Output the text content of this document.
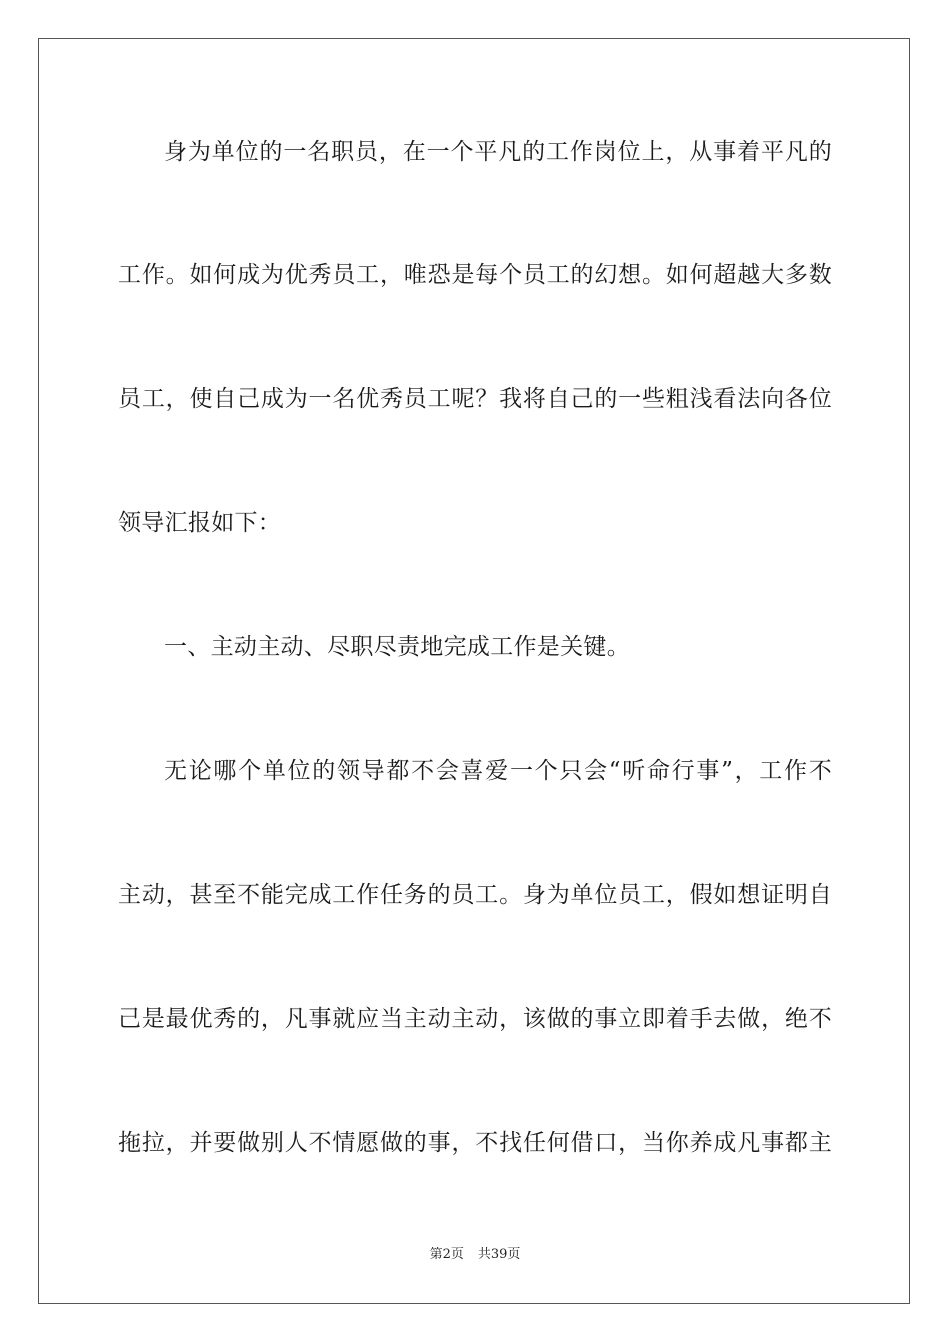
身为单位的一名职员，在一个平凡的工作岗位上，从事着平凡的
工作。如何成为优秀员工，唯恐是每个员工的幻想。如何超越大多数
员工，使自己成为一名优秀员工呢？我将自己的一些粗浅看法向各位
领导汇报如下：
一、主动主动、尽职尽责地完成工作是关键。
无论哪个单位的领导都不会喜爱一个只会“听命行事”，工作不
主动，甚至不能完成工作任务的员工。身为单位员工，假如想证明自
己是最优秀的，凡事就应当主动主动，该做的事立即着手去做，绝不
拖拉，并要做别人不情愿做的事，不找任何借口，当你养成凡事都主
第2页 共39页
